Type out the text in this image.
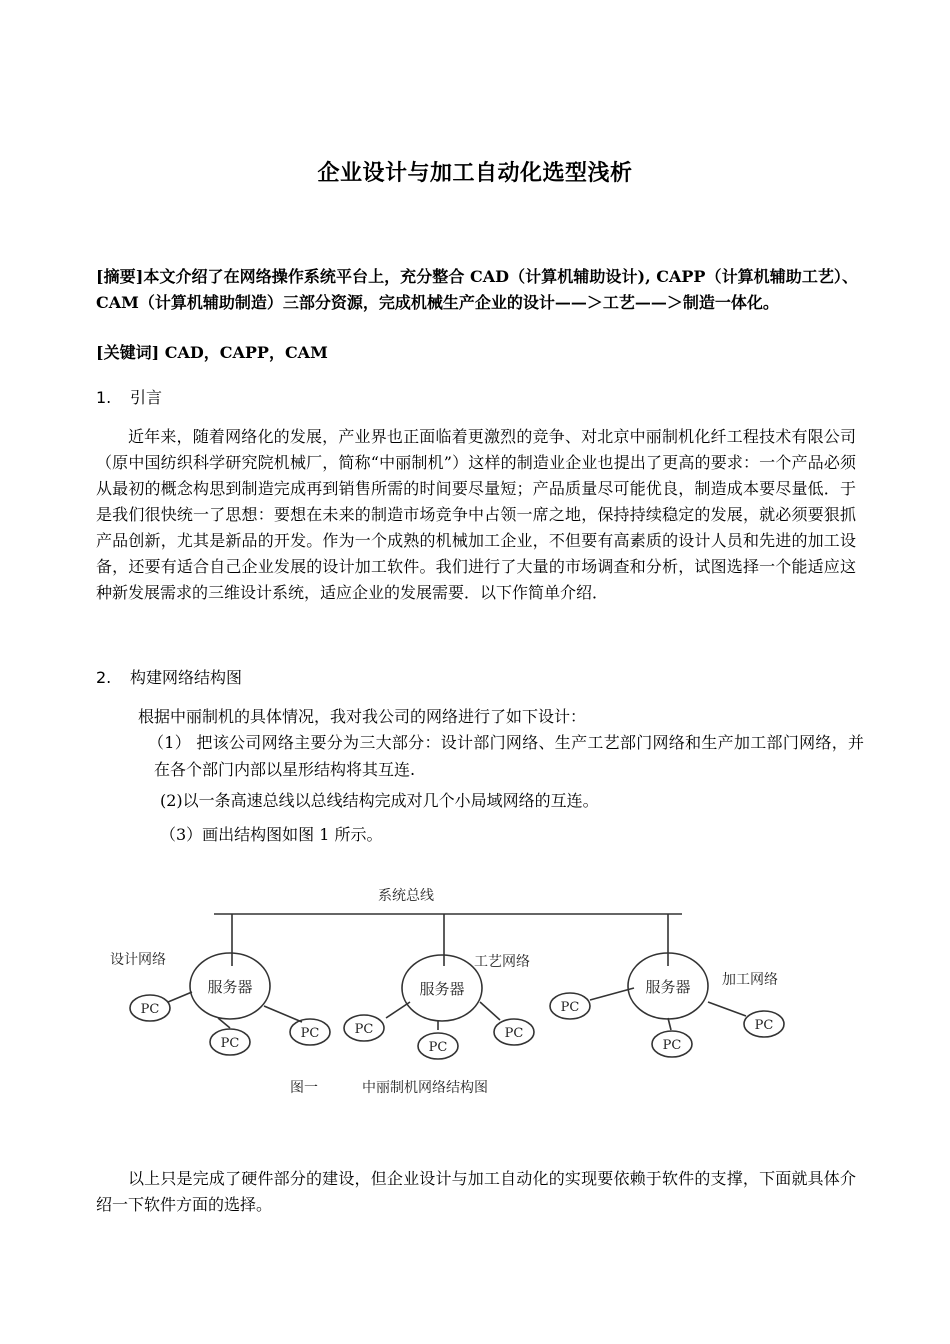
企业设计与加工自动化选型浅析
[摘要]本文介绍了在网络操作系统平台上，充分整合 CAD（计算机辅助设计), CAPP（计算机辅助工艺）、CAM（计算机辅助制造）三部分资源，完成机械生产企业的设计——＞工艺——＞制造一体化。
[关键词] CAD，CAPP，CAM
1. 引言

近年来，随着网络化的发展，产业界也正面临着更激烈的竞争、对北京中丽制机化纤工程技术有限公司（原中国纺织科学研究院机械厂，简称“中丽制机”）这样的制造业企业也提出了更高的要求：一个产品必须从最初的概念构思到制造完成再到销售所需的时间要尽量短；产品质量尽可能优良，制造成本要尽量低．于是我们很快统一了思想：要想在未来的制造市场竞争中占领一席之地，保持持续稳定的发展，就必须要狠抓产品创新，尤其是新品的开发。作为一个成熟的机械加工企业，不但要有高素质的设计人员和先进的加工设备，还要有适合自己企业发展的设计加工软件。我们进行了大量的市场调查和分析，试图选择一个能适应这种新发展需求的三维设计系统，适应企业的发展需要．以下作简单介绍．

2. 构建网络结构图
根据中丽制机的具体情况，我对我公司的网络进行了如下设计：
（1） 把该公司网络主要分为三大部分：设计部门网络、生产工艺部门网络和生产加工部门网络，并在各个部门内部以星形结构将其互连.
(2)以一条高速总线以总线结构完成对几个小局域网络的互连。
（3）画出结构图如图 1 所示。
系统总线
设计网络	工艺网络
加工网络
服务器	服务器	服务器
PC
PC
PC	PC
PC
PC
PC
PC
PC
图一	中丽制机网络结构图

以上只是完成了硬件部分的建设，但企业设计与加工自动化的实现要依赖于软件的支撑，下面就具体介绍一下软件方面的选择。
